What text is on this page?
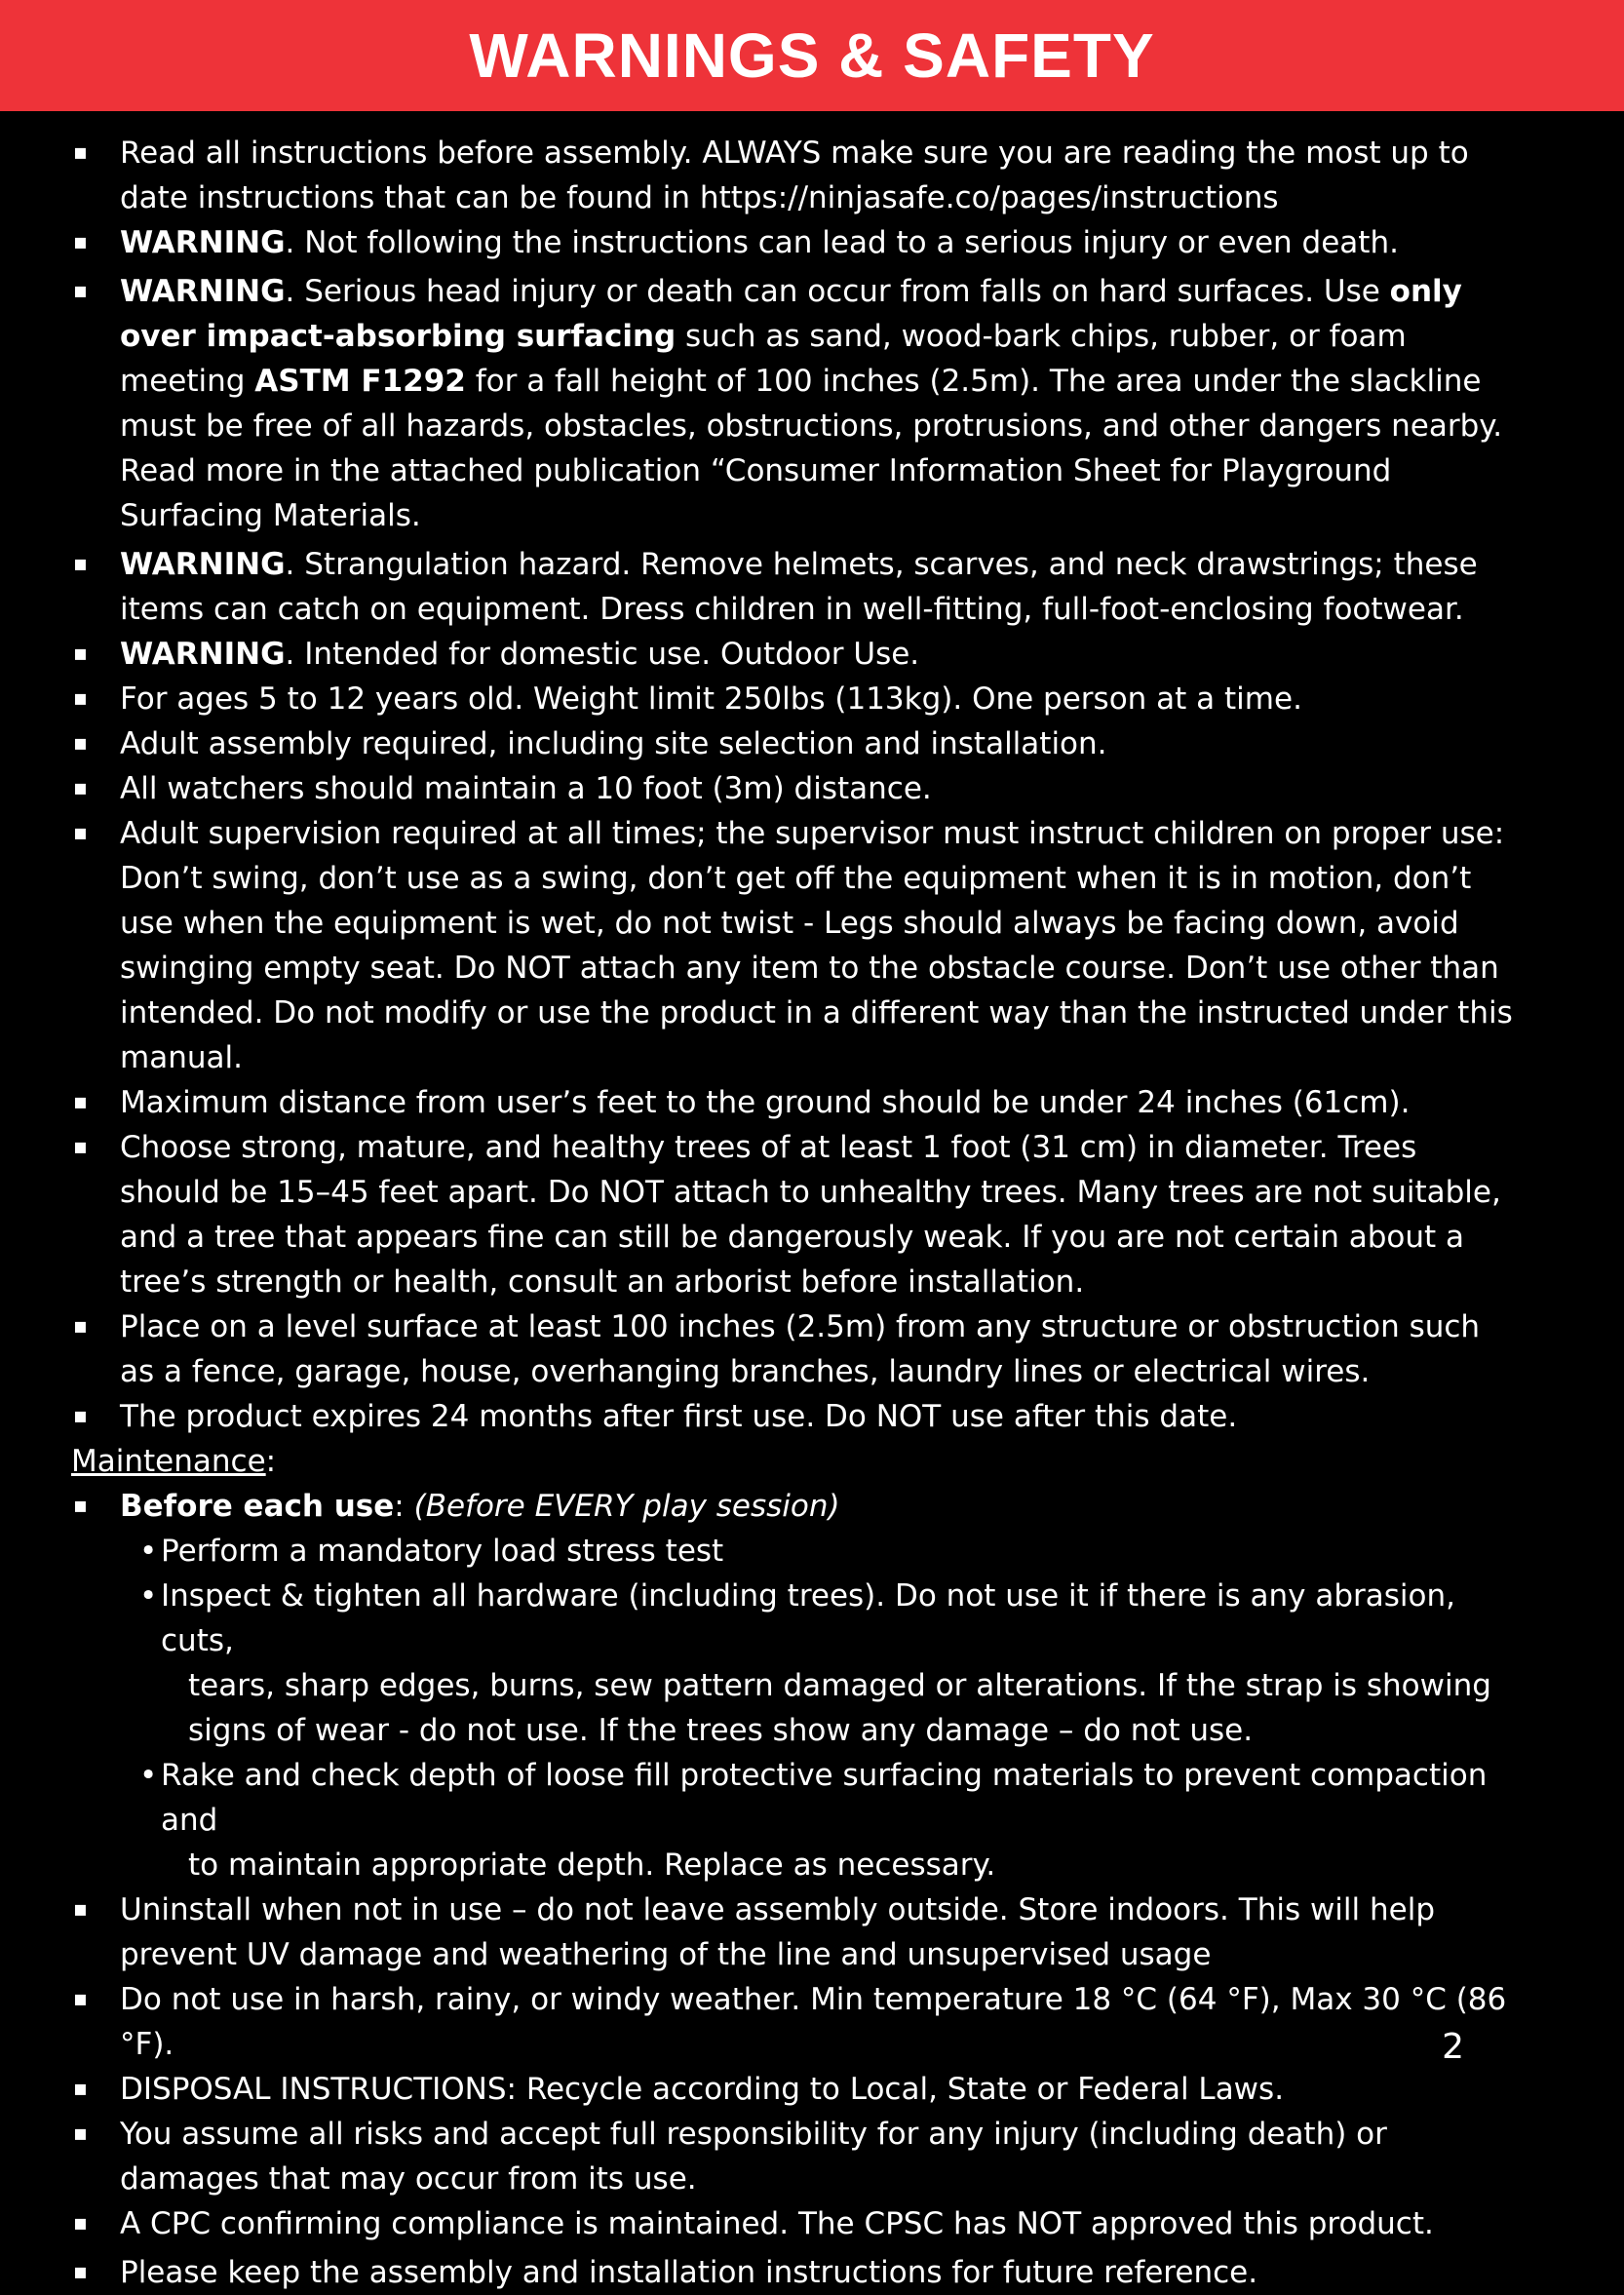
WARNINGS & SAFETY
▪ Read all instructions before assembly. ALWAYS make sure you are reading the most up to date instructions that can be found in https://ninjasafe.co/pages/instructions
▪ WARNING. Not following the instructions can lead to a serious injury or even death.
▪ WARNING. Serious head injury or death can occur from falls on hard surfaces. Use only over impact-absorbing surfacing such as sand, wood-bark chips, rubber, or foam meeting ASTM F1292 for a fall height of 100 inches (2.5m). The area under the slackline must be free of all hazards, obstacles, obstructions, protrusions, and other dangers nearby. Read more in the attached publication “Consumer Information Sheet for Playground Surfacing Materials.
▪ WARNING. Strangulation hazard. Remove helmets, scarves, and neck drawstrings; these items can catch on equipment. Dress children in well-fitting, full-foot-enclosing footwear.
▪ WARNING. Intended for domestic use. Outdoor Use.
▪ For ages 5 to 12 years old. Weight limit 250lbs (113kg). One person at a time.
▪ Adult assembly required, including site selection and installation.
▪ All watchers should maintain a 10 foot (3m) distance.
▪ Adult supervision required at all times; the supervisor must instruct children on proper use: Don’t swing, don’t use as a swing, don’t get off the equipment when it is in motion, don’t use when the equipment is wet, do not twist - Legs should always be facing down, avoid swinging empty seat. Do NOT attach any item to the obstacle course. Don’t use other than intended. Do not modify or use the product in a different way than the instructed under this manual.
▪ Maximum distance from user’s feet to the ground should be under 24 inches (61cm).
▪ Choose strong, mature, and healthy trees of at least 1 foot (31 cm) in diameter. Trees should be 15–45 feet apart. Do NOT attach to unhealthy trees. Many trees are not suitable, and a tree that appears fine can still be dangerously weak. If you are not certain about a tree’s strength or health, consult an arborist before installation.
▪ Place on a level surface at least 100 inches (2.5m) from any structure or obstruction such as a fence, garage, house, overhanging branches, laundry lines or electrical wires.
▪ The product expires 24 months after first use. Do NOT use after this date.
Maintenance:
▪ Before each use: (Before EVERY play session)
• Perform a mandatory load stress test
• Inspect & tighten all hardware (including trees). Do not use it if there is any abrasion, cuts,
tears, sharp edges, burns, sew pattern damaged or alterations. If the strap is showing signs of wear - do not use. If the trees show any damage – do not use.
• Rake and check depth of loose fill protective surfacing materials to prevent compaction and
to maintain appropriate depth. Replace as necessary.
▪ Uninstall when not in use – do not leave assembly outside. Store indoors. This will help prevent UV damage and weathering of the line and unsupervised usage
▪ Do not use in harsh, rainy, or windy weather. Min temperature 18 °C (64 °F), Max 30 °C (86 °F).
▪ DISPOSAL INSTRUCTIONS: Recycle according to Local, State or Federal Laws.
▪ You assume all risks and accept full responsibility for any injury (including death) or damages that may occur from its use.
▪ A CPC confirming compliance is maintained. The CPSC has NOT approved this product.
▪ Please keep the assembly and installation instructions for future reference.
2
